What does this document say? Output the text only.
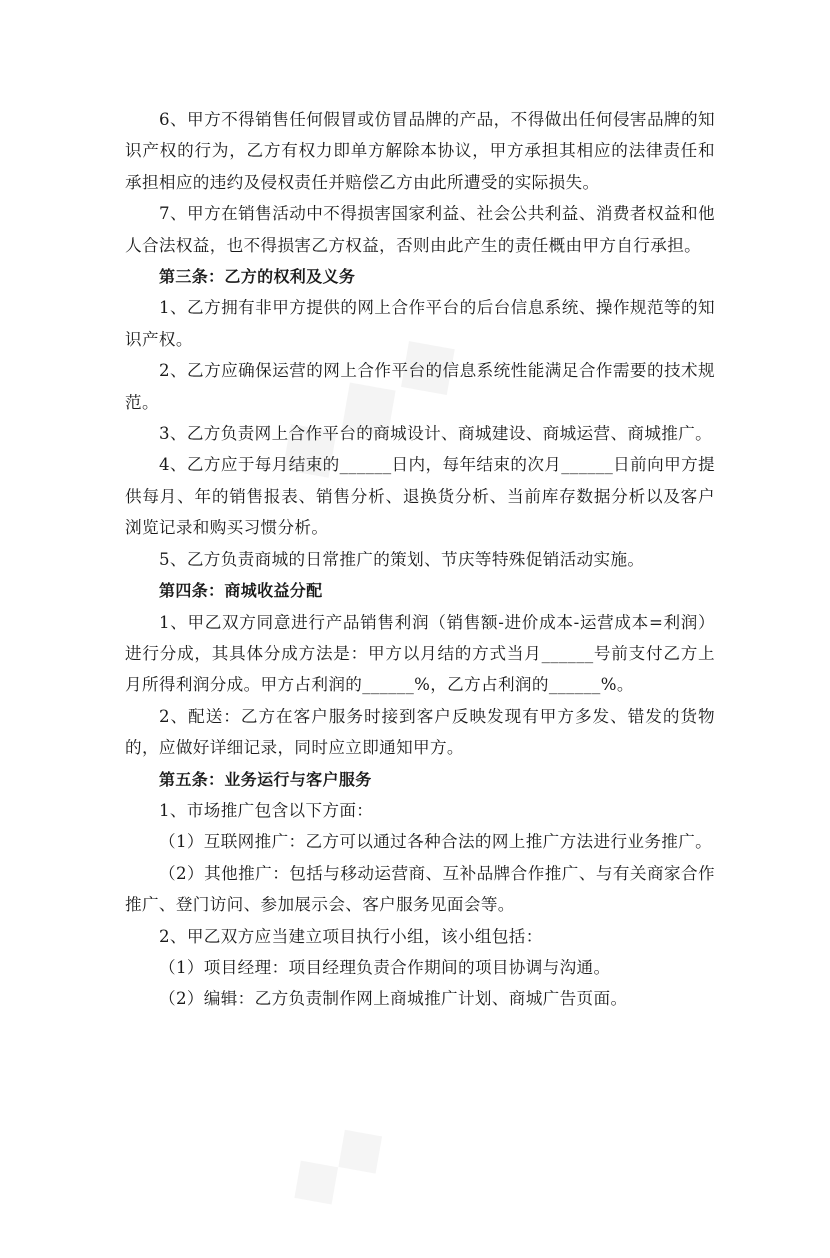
6、甲方不得销售任何假冒或仿冒品牌的产品，不得做出任何侵害品牌的知识产权的行为，乙方有权力即单方解除本协议，甲方承担其相应的法律责任和承担相应的违约及侵权责任并赔偿乙方由此所遭受的实际损失。

7、甲方在销售活动中不得损害国家利益、社会公共利益、消费者权益和他人合法权益，也不得损害乙方权益，否则由此产生的责任概由甲方自行承担。

第三条：乙方的权利及义务

1、乙方拥有非甲方提供的网上合作平台的后台信息系统、操作规范等的知识产权。

2、乙方应确保运营的网上合作平台的信息系统性能满足合作需要的技术规范。

3、乙方负责网上合作平台的商城设计、商城建设、商城运营、商城推广。

4、乙方应于每月结束的______日内，每年结束的次月______日前向甲方提供每月、年的销售报表、销售分析、退换货分析、当前库存数据分析以及客户浏览记录和购买习惯分析。

5、乙方负责商城的日常推广的策划、节庆等特殊促销活动实施。

第四条：商城收益分配

1、甲乙双方同意进行产品销售利润（销售额-进价成本-运营成本=利润）进行分成，其具体分成方法是：甲方以月结的方式当月______号前支付乙方上月所得利润分成。甲方占利润的______%，乙方占利润的______%。

2、配送：乙方在客户服务时接到客户反映发现有甲方多发、错发的货物的，应做好详细记录，同时应立即通知甲方。

第五条：业务运行与客户服务

1、市场推广包含以下方面：

（1）互联网推广：乙方可以通过各种合法的网上推广方法进行业务推广。

（2）其他推广：包括与移动运营商、互补品牌合作推广、与有关商家合作推广、登门访问、参加展示会、客户服务见面会等。

2、甲乙双方应当建立项目执行小组，该小组包括：

（1）项目经理：项目经理负责合作期间的项目协调与沟通。

（2）编辑：乙方负责制作网上商城推广计划、商城广告页面。
